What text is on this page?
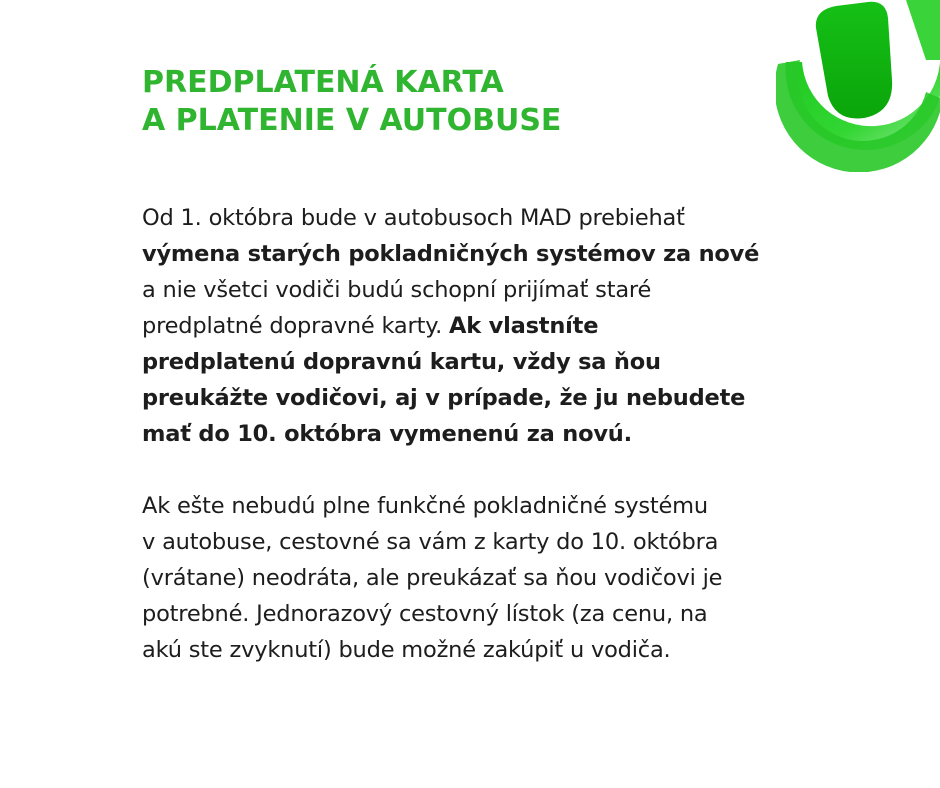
PREDPLATENÁ KARTA
A PLATENIE V AUTOBUSE

Od 1. októbra bude v autobusoch MAD prebiehať
výmena starých pokladničných systémov za nové
a nie všetci vodiči budú schopní prijímať staré
predplatné dopravné karty. Ak vlastníte
predplatenú dopravnú kartu, vždy sa ňou
preukážte vodičovi, aj v prípade, že ju nebudete
mať do 10. októbra vymenenú za novú.

Ak ešte nebudú plne funkčné pokladničné systému
v autobuse, cestovné sa vám z karty do 10. októbra
(vrátane) neodráta, ale preukázať sa ňou vodičovi je
potrebné. Jednorazový cestovný lístok (za cenu, na
akú ste zvyknutí) bude možné zakúpiť u vodiča.
